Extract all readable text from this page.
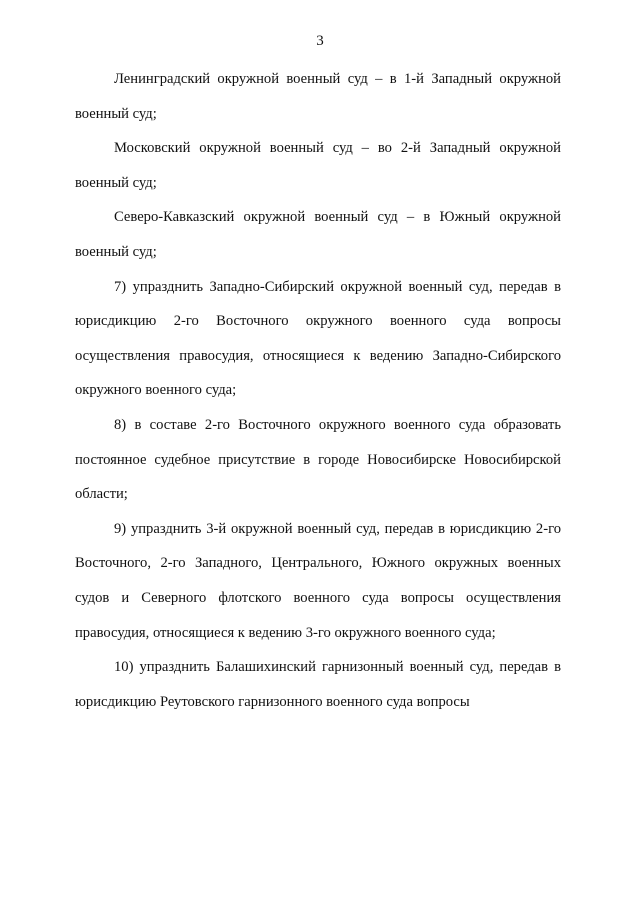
3

Ленинградский окружной военный суд – в 1-й Западный окружной военный суд;

Московский окружной военный суд – во 2-й Западный окружной военный суд;

Северо-Кавказский окружной военный суд – в Южный окружной военный суд;

7) упразднить Западно-Сибирский окружной военный суд, передав в юрисдикцию 2-го Восточного окружного военного суда вопросы осуществления правосудия, относящиеся к ведению Западно-Сибирского окружного военного суда;

8) в составе 2-го Восточного окружного военного суда образовать постоянное судебное присутствие в городе Новосибирске Новосибирской области;

9) упразднить 3-й окружной военный суд, передав в юрисдикцию 2-го Восточного, 2-го Западного, Центрального, Южного окружных военных судов и Северного флотского военного суда вопросы осуществления правосудия, относящиеся к ведению 3-го окружного военного суда;

10) упразднить Балашихинский гарнизонный военный суд, передав в юрисдикцию Реутовского гарнизонного военного суда вопросы
